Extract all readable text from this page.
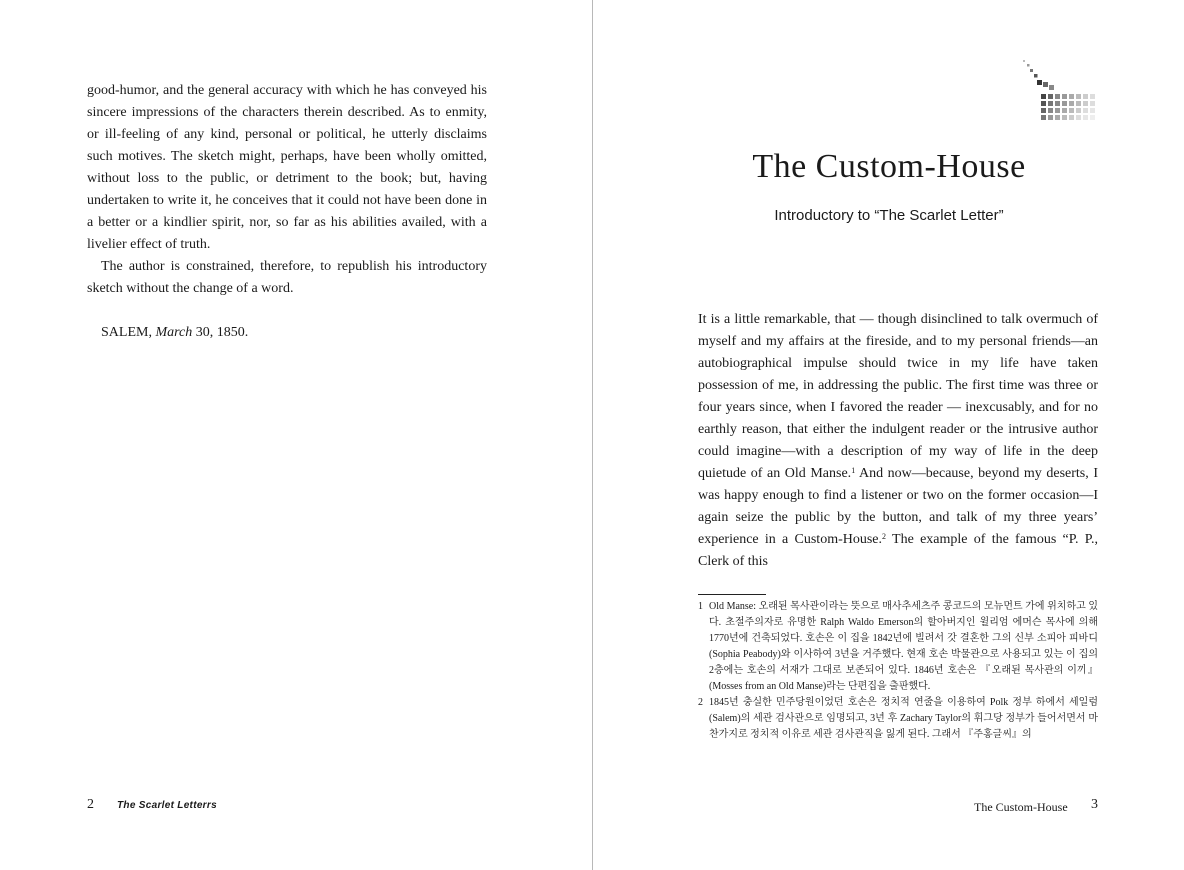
good-humor, and the general accuracy with which he has conveyed his sincere impressions of the characters therein described. As to enmity, or ill-feeling of any kind, personal or political, he utterly disclaims such motives. The sketch might, perhaps, have been wholly omitted, without loss to the public, or detriment to the book; but, having undertaken to write it, he conceives that it could not have been done in a better or a kindlier spirit, nor, so far as his abilities availed, with a livelier effect of truth.

The author is constrained, therefore, to republish his introductory sketch without the change of a word.

SALEM, March 30, 1850.
2 The Scarlet Letterrs
The Custom-House
Introductory to “The Scarlet Letter”

It is a little remarkable, that — though disinclined to talk overmuch of myself and my affairs at the fireside, and to my personal friends—an autobiographical impulse should twice in my life have taken possession of me, in addressing the public. The first time was three or four years since, when I favored the reader — inexcusably, and for no earthly reason, that either the indulgent reader or the intrusive author could imagine—with a description of my way of life in the deep quietude of an Old Manse.$^1$ And now—because, beyond my deserts, I was happy enough to find a listener or two on the former occasion—I again seize the public by the button, and talk of my three years’ experience in a Custom-House.$^2$ The example of the famous “P. P., Clerk of this

1 Old Manse: 오래된 목사관이라는 뜻으로 매사추세츠주 콩코드의 모뉴먼트 가에 위치하고 있다. 초절주의자로 유명한 Ralph Waldo Emerson의 할아버지인 윌리엄 에머슨 목사에 의해 1770년에 건축되었다. 호손은 이 집을 1842년에 빌려서 갓 결혼한 그의 신부 소피아 피바디(Sophia Peabody)와 이사하여 3년을 거주했다. 현재 호손 박물관으로 사용되고 있는 이 집의 2층에는 호손의 서재가 그대로 보존되어 있다. 1846년 호손은 『오래된 목사관의 이끼』(Mosses from an Old Manse)라는 단편집을 출판했다.
2 1845년 충실한 민주당원이었던 호손은 정치적 연줄을 이용하여 Polk 정부 하에서 세일럼(Salem)의 세관 검사관으로 임명되고, 3년 후 Zachary Taylor의 휘그당 정부가 들어서면서 마찬가지로 정치적 이유로 세관 검사관직을 잃게 된다. 그래서 『주홍글씨』의
The Custom-House 3
